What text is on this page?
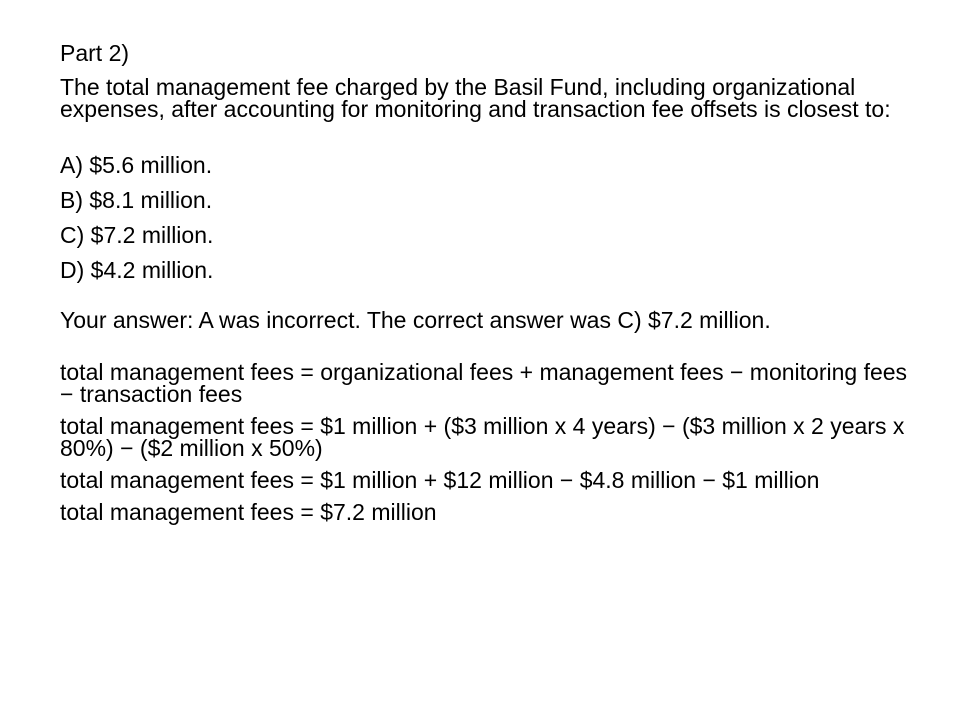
Part 2)

The total management fee charged by the Basil Fund, including organizational expenses, after accounting for monitoring and transaction fee offsets is closest to:

A) $5.6 million.

B) $8.1 million.

C) $7.2 million.

D) $4.2 million.

Your answer: A was incorrect. The correct answer was C) $7.2 million.

total management fees = organizational fees + management fees − monitoring fees − transaction fees

total management fees = $1 million + ($3 million x 4 years) − ($3 million x 2 years x 80%) − ($2 million x 50%)

total management fees = $1 million + $12 million − $4.8 million − $1 million

total management fees = $7.2 million
